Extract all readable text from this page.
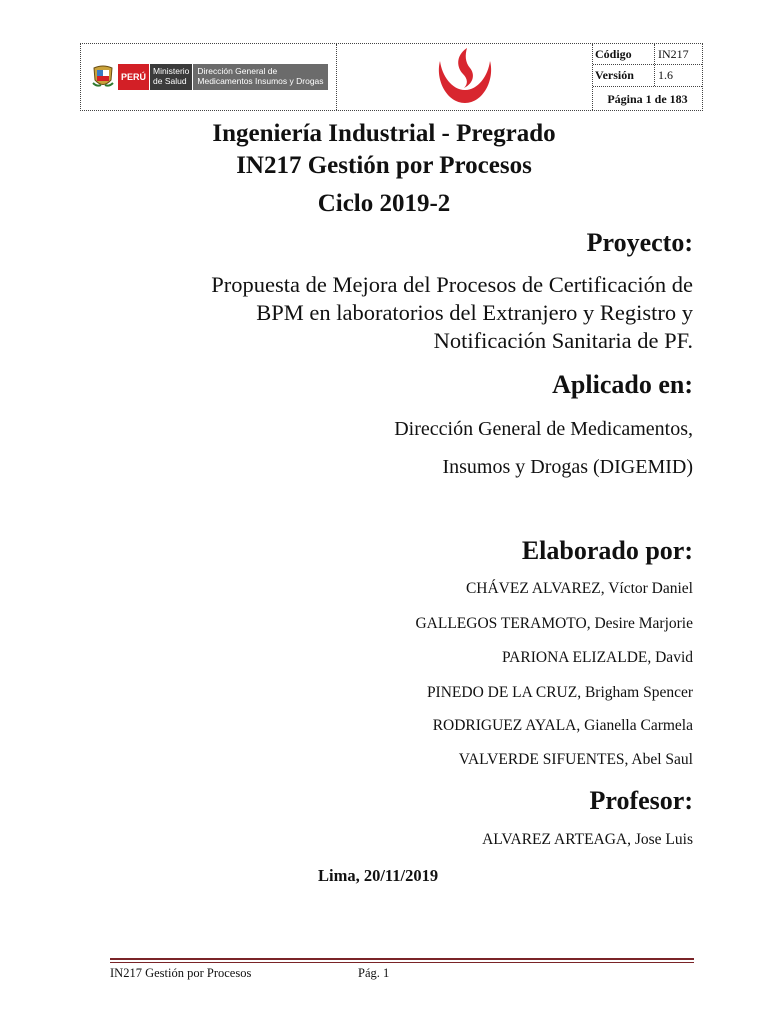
PERÚ
Ministerio
de Salud
Dirección General de
Medicamentos Insumos y Drogas
Código	IN217
Versión	1.6
Página 1 de 183
Ingeniería Industrial - Pregrado
IN217 Gestión por Procesos
Ciclo 2019-2
Proyecto:
Propuesta de Mejora del Procesos de Certificación de
BPM en laboratorios del Extranjero y Registro y
Notificación Sanitaria de PF.
Aplicado en:
Dirección General de Medicamentos,
Insumos y Drogas (DIGEMID)
Elaborado por:
CHÁVEZ ALVAREZ, Víctor Daniel
GALLEGOS TERAMOTO, Desire Marjorie
PARIONA ELIZALDE, David
PINEDO DE LA CRUZ, Brigham Spencer
RODRIGUEZ AYALA, Gianella Carmela
VALVERDE SIFUENTES, Abel Saul
Profesor:
ALVAREZ ARTEAGA, Jose Luis
Lima, 20/11/2019
IN217 Gestión por Procesos	Pág. 1
